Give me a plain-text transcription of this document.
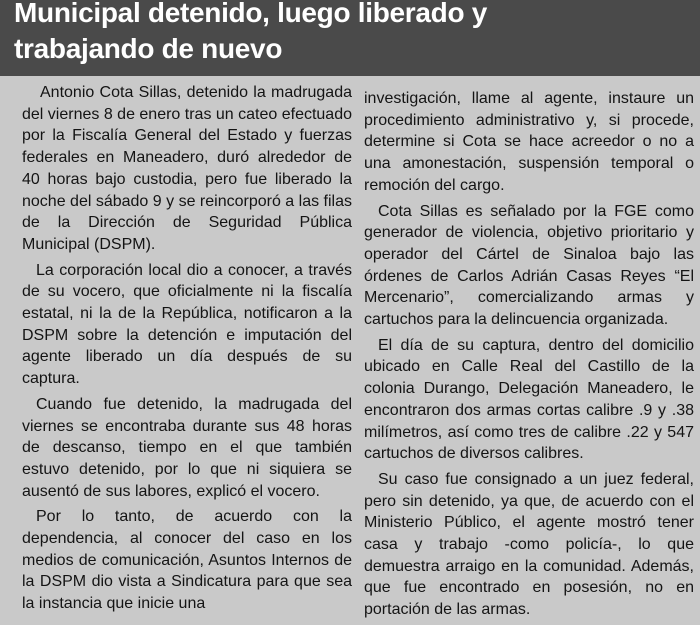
Municipal detenido, luego liberado y
trabajando de nuevo

Antonio Cota Sillas, detenido la madrugada del viernes 8 de enero tras un cateo efectuado por la Fiscalía General del Estado y fuerzas federales en Maneadero, duró alrededor de 40 horas bajo custodia, pero fue liberado la noche del sábado 9 y se reincorporó a las filas de la Dirección de Seguridad Pública Municipal (DSPM).

La corporación local dio a conocer, a través de su vocero, que oficialmente ni la fiscalía estatal, ni la de la República, notificaron a la DSPM sobre la detención e imputación del agente liberado un día después de su captura.

Cuando fue detenido, la madrugada del viernes se encontraba durante sus 48 horas de descanso, tiempo en el que también estuvo detenido, por lo que ni siquiera se ausentó de sus labores, explicó el vocero.

Por lo tanto, de acuerdo con la dependencia, al conocer del caso en los medios de comunicación, Asuntos Internos de la DSPM dio vista a Sindicatura para que sea la instancia que inicie una

investigación, llame al agente, instaure un procedimiento administrativo y, si procede, determine si Cota se hace acreedor o no a una amonestación, suspensión temporal o remoción del cargo.

Cota Sillas es señalado por la FGE como generador de violencia, objetivo prioritario y operador del Cártel de Sinaloa bajo las órdenes de Carlos Adrián Casas Reyes “El Mercenario”, comercializando armas y cartuchos para la delincuencia organizada.

El día de su captura, dentro del domicilio ubicado en Calle Real del Castillo de la colonia Durango, Delegación Maneadero, le encontraron dos armas cortas calibre .9 y .38 milímetros, así como tres de calibre .22 y 547 cartuchos de diversos calibres.

Su caso fue consignado a un juez federal, pero sin detenido, ya que, de acuerdo con el Ministerio Público, el agente mostró tener casa y trabajo -como policía-, lo que demuestra arraigo en la comunidad. Además, que fue encontrado en posesión, no en portación de las armas.
